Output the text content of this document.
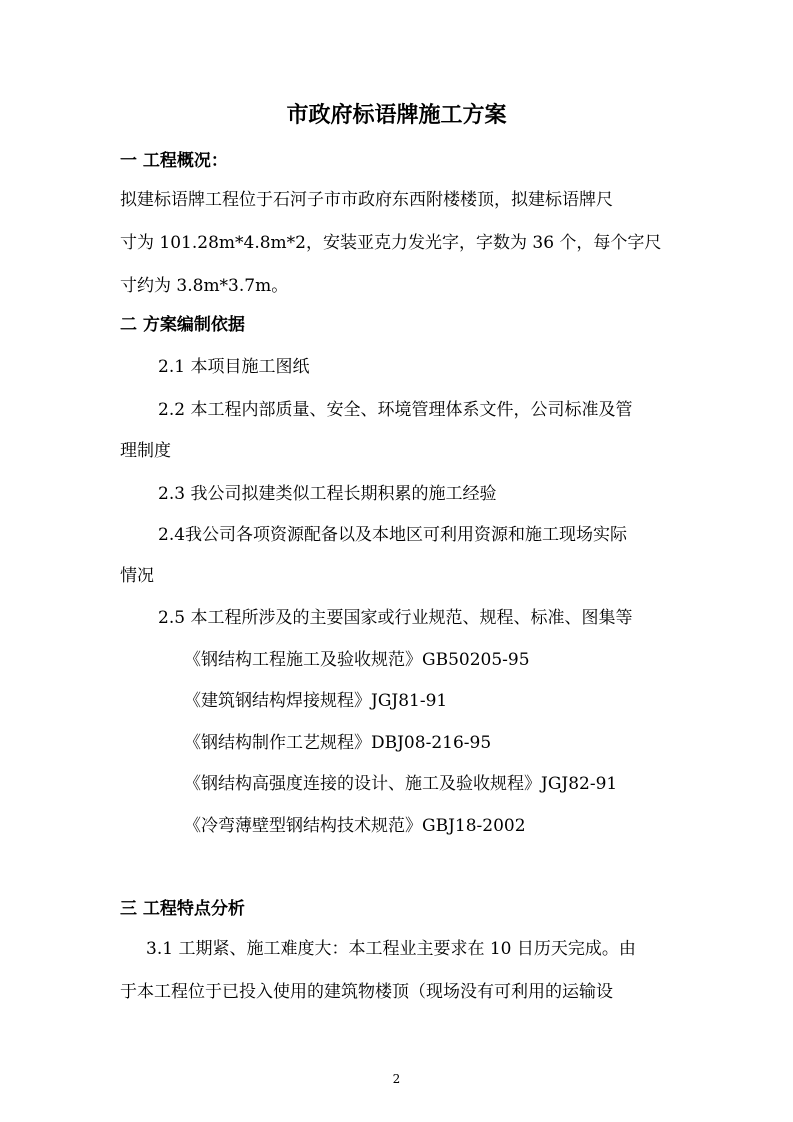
市政府标语牌施工方案
一 工程概况：
拟建标语牌工程位于石河子市市政府东西附楼楼顶，拟建标语牌尺
寸为 101.28m*4.8m*2，安装亚克力发光字，字数为 36 个，每个字尺
寸约为 3.8m*3.7m。
二 方案编制依据
2.1 本项目施工图纸
2.2 本工程内部质量、安全、环境管理体系文件，公司标准及管
理制度
2.3 我公司拟建类似工程长期积累的施工经验
2.4我公司各项资源配备以及本地区可利用资源和施工现场实际
情况
2.5 本工程所涉及的主要国家或行业规范、规程、标准、图集等
《钢结构工程施工及验收规范》GB50205-95
《建筑钢结构焊接规程》JGJ81-91
《钢结构制作工艺规程》DBJ08-216-95
《钢结构高强度连接的设计、施工及验收规程》JGJ82-91
《冷弯薄壁型钢结构技术规范》GBJ18-2002
三 工程特点分析
3.1 工期紧、施工难度大：本工程业主要求在 10 日历天完成。由
于本工程位于已投入使用的建筑物楼顶（现场没有可利用的运输设
2
